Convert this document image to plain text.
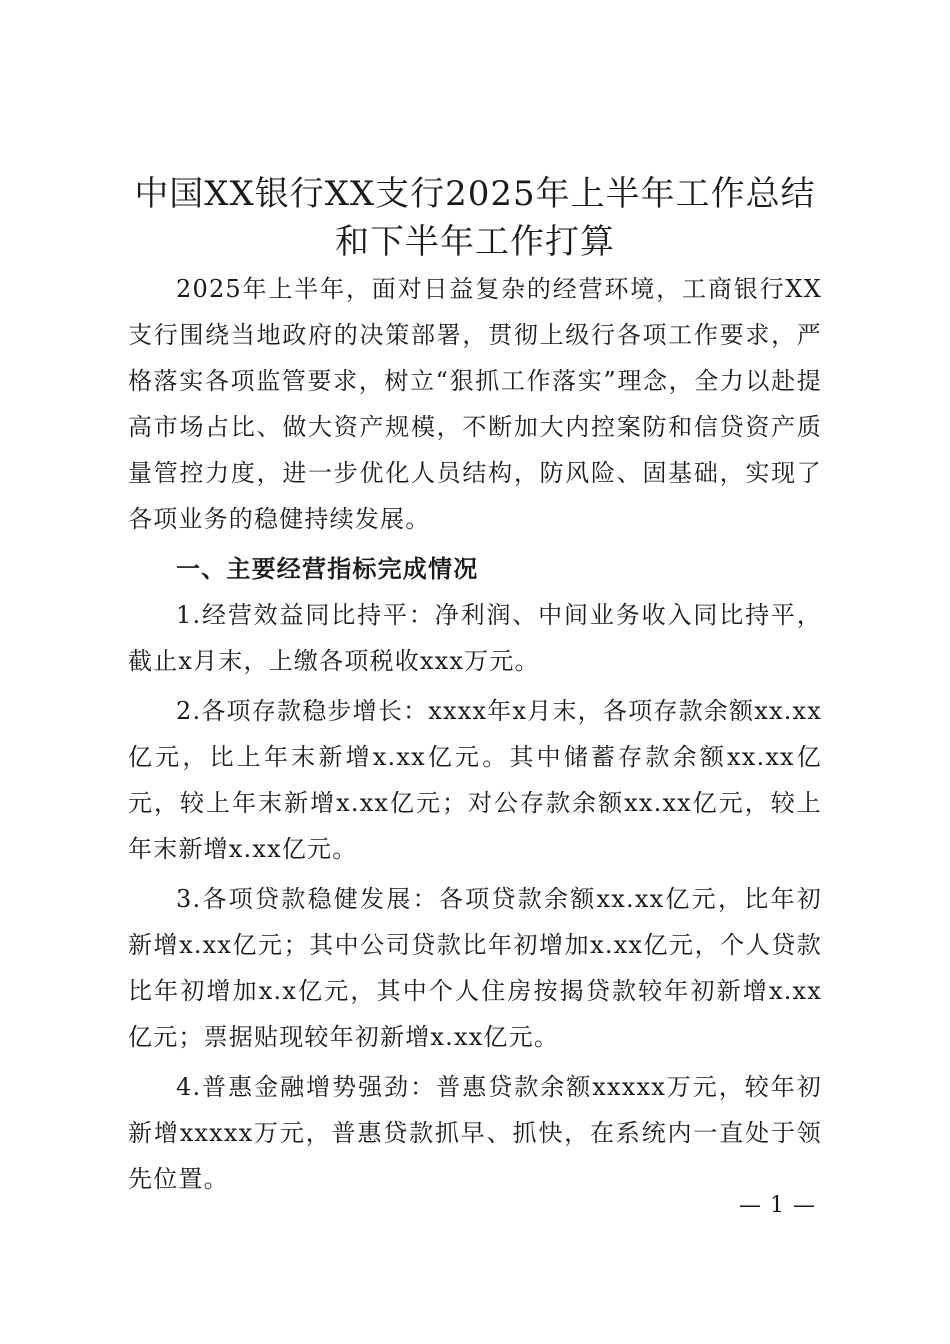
中国XX银行XX支行2025年上半年工作总结
和下半年工作打算

2025年上半年，面对日益复杂的经营环境，工商银行XX支行围绕当地政府的决策部署，贯彻上级行各项工作要求，严格落实各项监管要求，树立“狠抓工作落实”理念，全力以赴提高市场占比、做大资产规模，不断加大内控案防和信贷资产质量管控力度，进一步优化人员结构，防风险、固基础，实现了各项业务的稳健持续发展。

一、主要经营指标完成情况

1.经营效益同比持平：净利润、中间业务收入同比持平，截止x月末，上缴各项税收xxx万元。

2.各项存款稳步增长：xxxx年x月末，各项存款余额xx.xx亿元，比上年末新增x.xx亿元。其中储蓄存款余额xx.xx亿元，较上年末新增x.xx亿元；对公存款余额xx.xx亿元，较上年末新增x.xx亿元。

3.各项贷款稳健发展：各项贷款余额xx.xx亿元，比年初新增x.xx亿元；其中公司贷款比年初增加x.xx亿元，个人贷款比年初增加x.x亿元，其中个人住房按揭贷款较年初新增x.xx亿元；票据贴现较年初新增x.xx亿元。

4.普惠金融增势强劲：普惠贷款余额xxxxx万元，较年初新增xxxxx万元，普惠贷款抓早、抓快，在系统内一直处于领先位置。

— 1 —
